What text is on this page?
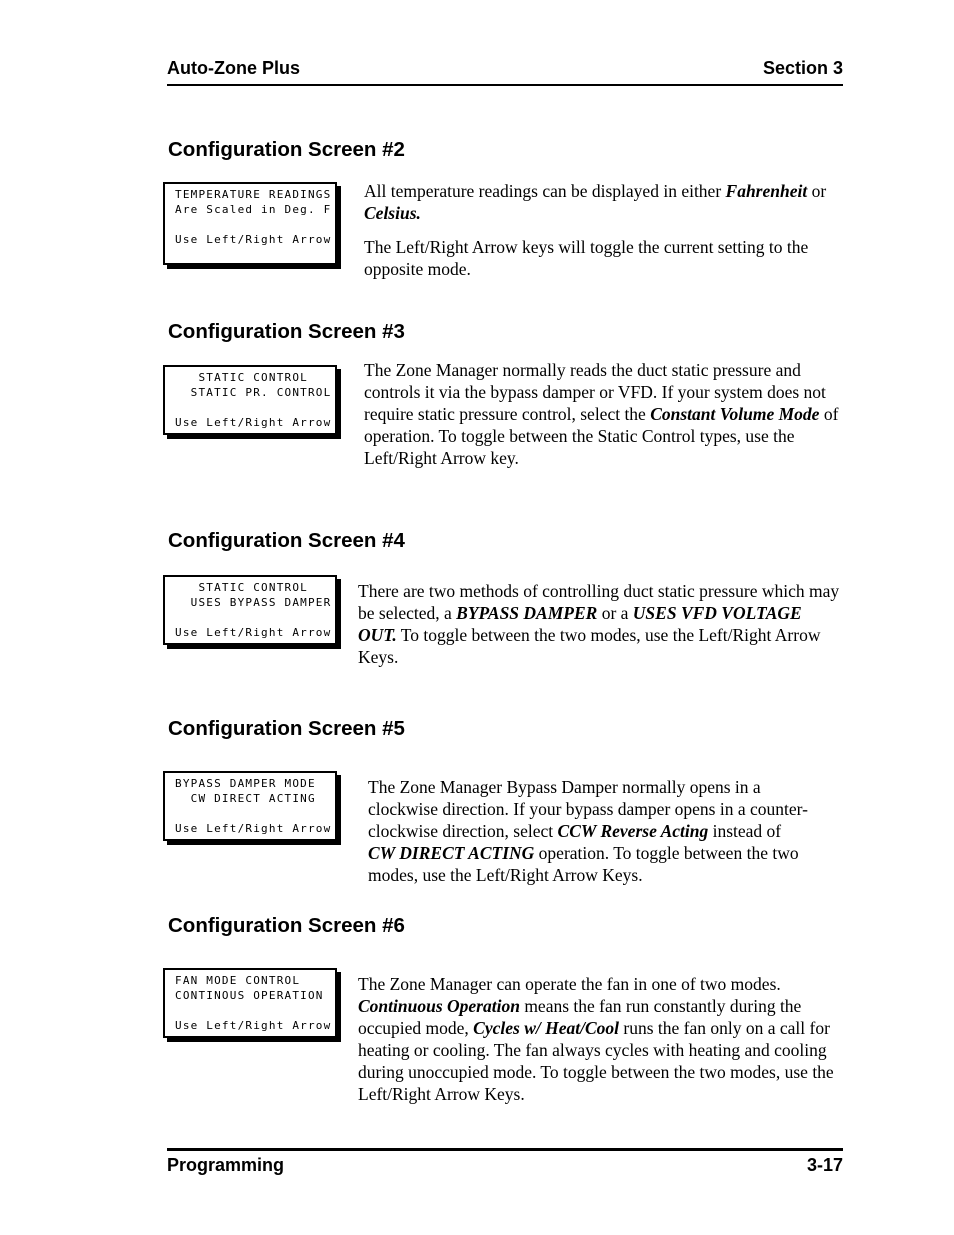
Auto-Zone Plus	Section 3
Configuration Screen #2
TEMPERATURE READINGS
Are Scaled in Deg. F
Use Left/Right Arrow

All temperature readings can be displayed in either Fahrenheit or Celsius.

The Left/Right Arrow keys will toggle the current setting to the opposite mode.

Configuration Screen #3
STATIC CONTROL
STATIC PR. CONTROL
Use Left/Right Arrow

The Zone Manager normally reads the duct static pressure and controls it via the bypass damper or VFD. If your system does not require static pressure control, select the Constant Volume Mode of operation. To toggle between the Static Control types, use the Left/Right Arrow key.

Configuration Screen #4
STATIC CONTROL
USES BYPASS DAMPER
Use Left/Right Arrow

There are two methods of controlling duct static pressure which may be selected, a BYPASS DAMPER or a USES VFD VOLTAGE OUT. To toggle between the two modes, use the Left/Right Arrow Keys.

Configuration Screen #5
BYPASS DAMPER MODE
CW DIRECT ACTING
Use Left/Right Arrow

The Zone Manager Bypass Damper normally opens in a clockwise direction. If your bypass damper opens in a counter-clockwise direction, select CCW Reverse Acting instead of CW DIRECT ACTING operation. To toggle between the two modes, use the Left/Right Arrow Keys.

Configuration Screen #6
FAN MODE CONTROL
CONTINOUS OPERATION
Use Left/Right Arrow

The Zone Manager can operate the fan in one of two modes. Continuous Operation means the fan run constantly during the occupied mode, Cycles w/ Heat/Cool runs the fan only on a call for heating or cooling. The fan always cycles with heating and cooling during unoccupied mode. To toggle between the two modes, use the Left/Right Arrow Keys.

Programming	3-17
